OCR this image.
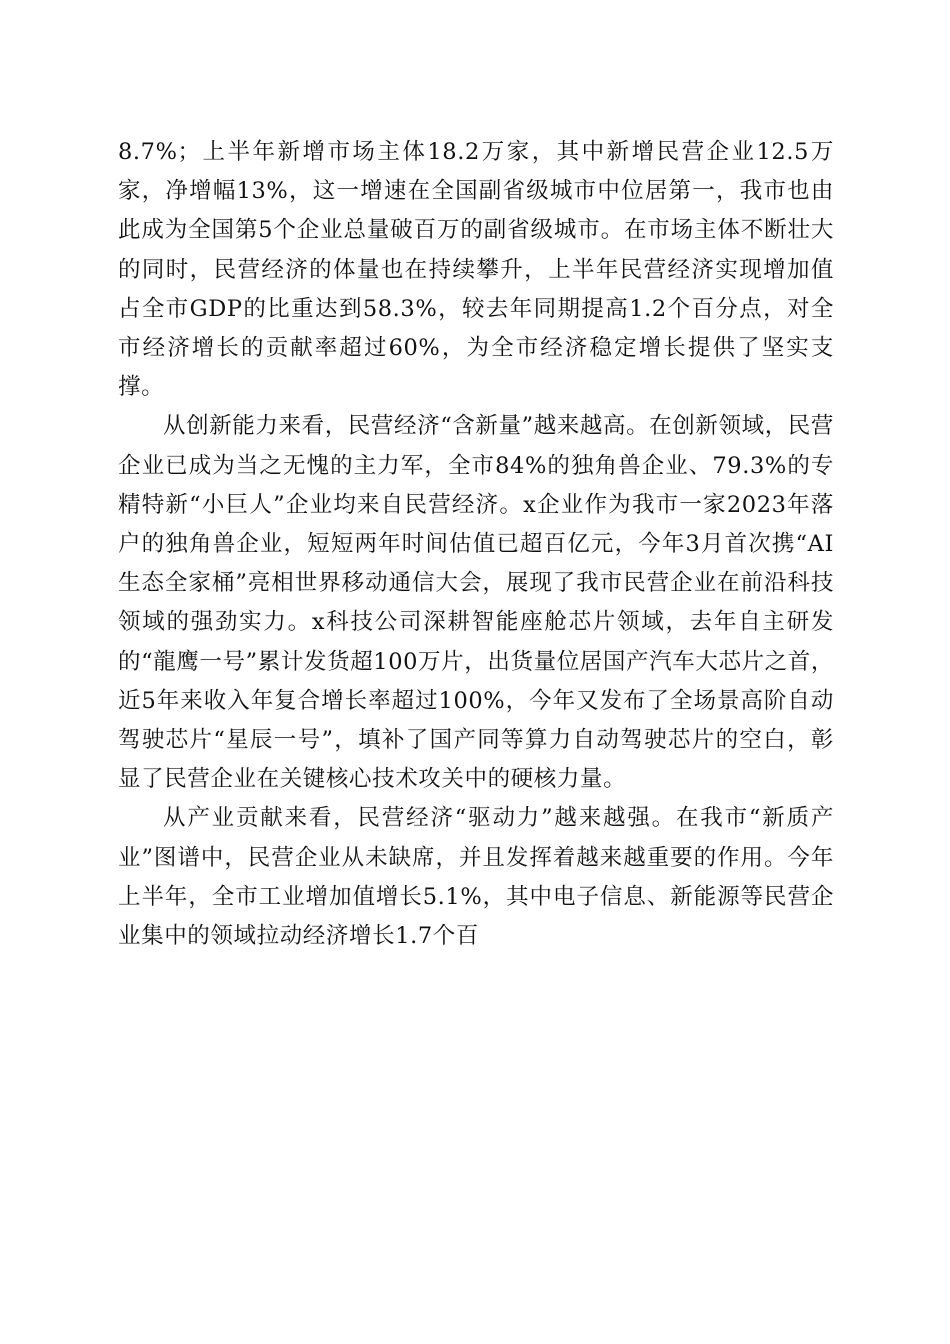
8.7%；上半年新增市场主体18.2万家，其中新增民营企业12.5万家，净增幅13%，这一增速在全国副省级城市中位居第一，我市也由此成为全国第5个企业总量破百万的副省级城市。在市场主体不断壮大的同时，民营经济的体量也在持续攀升，上半年民营经济实现增加值占全市GDP的比重达到58.3%，较去年同期提高1.2个百分点，对全市经济增长的贡献率超过60%，为全市经济稳定增长提供了坚实支撑。

从创新能力来看，民营经济“含新量”越来越高。在创新领域，民营企业已成为当之无愧的主力军，全市84%的独角兽企业、79.3%的专精特新“小巨人”企业均来自民营经济。x企业作为我市一家2023年落户的独角兽企业，短短两年时间估值已超百亿元，今年3月首次携“AI生态全家桶”亮相世界移动通信大会，展现了我市民营企业在前沿科技领域的强劲实力。x科技公司深耕智能座舱芯片领域，去年自主研发的“龍鹰一号”累计发货超100万片，出货量位居国产汽车大芯片之首，近5年来收入年复合增长率超过100%，今年又发布了全场景高阶自动驾驶芯片“星辰一号”，填补了国产同等算力自动驾驶芯片的空白，彰显了民营企业在关键核心技术攻关中的硬核力量。

从产业贡献来看，民营经济“驱动力”越来越强。在我市“新质产业”图谱中，民营企业从未缺席，并且发挥着越来越重要的作用。今年上半年，全市工业增加值增长5.1%，其中电子信息、新能源等民营企业集中的领域拉动经济增长1.7个百
